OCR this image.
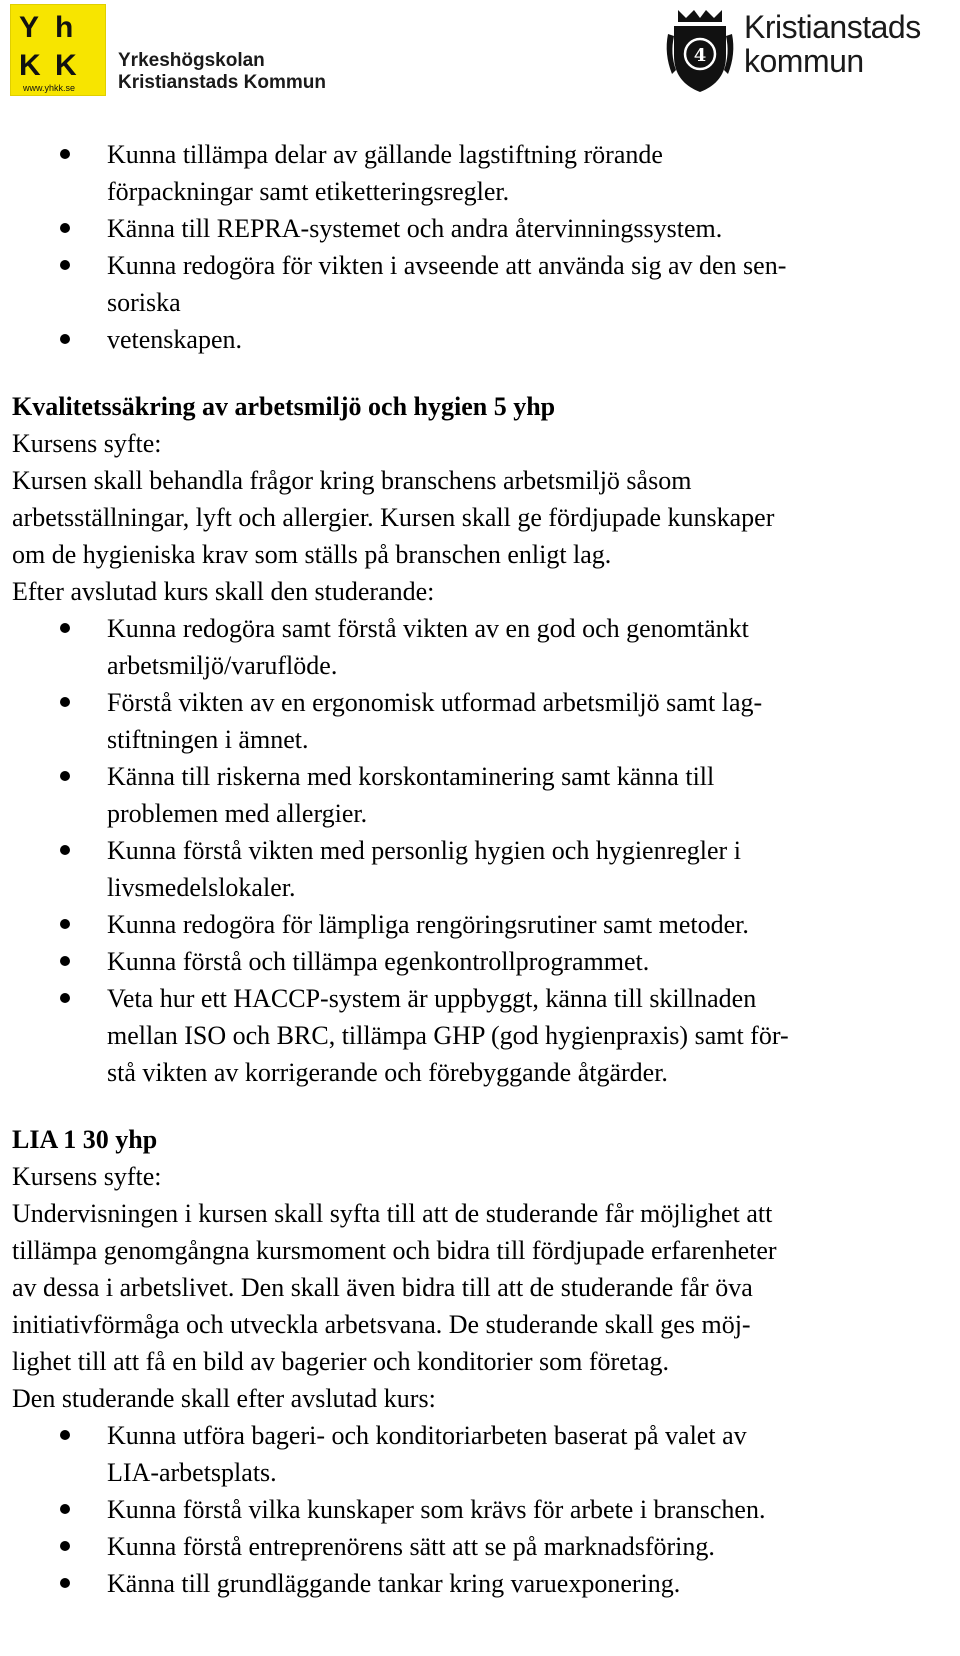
Y h
K K
www.yhkk.se
Yrkeshögskolan
Kristianstads Kommun
4
Kristianstads
kommun
Kunna tillämpa delar av gällande lagstiftning rörande
förpackningar samt etiketteringsregler.
Känna till REPRA-systemet och andra återvinningssystem.
Kunna redogöra för vikten i avseende att använda sig av den sen-
soriska
vetenskapen.

Kvalitetssäkring av arbetsmiljö och hygien 5 yhp

Kursens syfte:

Kursen skall behandla frågor kring branschens arbetsmiljö såsom

arbetsställningar, lyft och allergier. Kursen skall ge fördjupade kunskaper

om de hygieniska krav som ställs på branschen enligt lag.

Efter avslutad kurs skall den studerande:

Kunna redogöra samt förstå vikten av en god och genomtänkt
arbetsmiljö/varuflöde.
Förstå vikten av en ergonomisk utformad arbetsmiljö samt lag-
stiftningen i ämnet.
Känna till riskerna med korskontaminering samt känna till
problemen med allergier.
Kunna förstå vikten med personlig hygien och hygienregler i
livsmedelslokaler.
Kunna redogöra för lämpliga rengöringsrutiner samt metoder.
Kunna förstå och tillämpa egenkontrollprogrammet.
Veta hur ett HACCP-system är uppbyggt, känna till skillnaden
mellan ISO och BRC, tillämpa GHP (god hygienpraxis) samt för-
stå vikten av korrigerande och förebyggande åtgärder.

LIA 1 30 yhp

Kursens syfte:

Undervisningen i kursen skall syfta till att de studerande får möjlighet att

tillämpa genomgångna kursmoment och bidra till fördjupade erfarenheter

av dessa i arbetslivet. Den skall även bidra till att de studerande får öva

initiativförmåga och utveckla arbetsvana. De studerande skall ges möj-

lighet till att få en bild av bagerier och konditorier som företag.

Den studerande skall efter avslutad kurs:

Kunna utföra bageri- och konditoriarbeten baserat på valet av
LIA-arbetsplats.
Kunna förstå vilka kunskaper som krävs för arbete i branschen.
Kunna förstå entreprenörens sätt att se på marknadsföring.
Känna till grundläggande tankar kring varuexponering.
